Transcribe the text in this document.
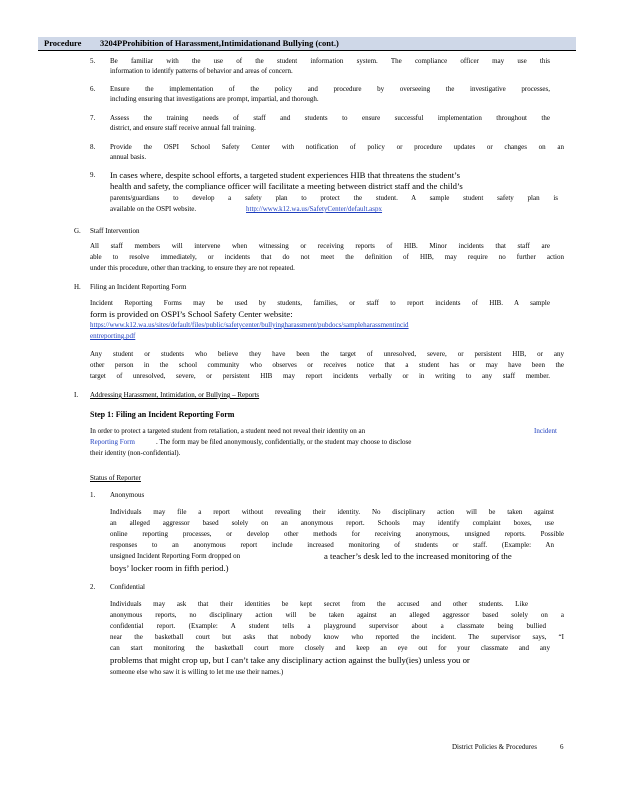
Procedure 3204PProhibition of Harassment,Intimidationand Bullying (cont.)
5. Be familiar with the use of the student information system. The compliance officer may use this
information to identify patterns of behavior and areas of concern.
6. Ensure the implementation of the policy and procedure by overseeing the investigative processes,
including ensuring that investigations are prompt, impartial, and thorough.
7. Assess the training needs of staff and students to ensure successful implementation throughout the
district, and ensure staff receive annual fall training.
8. Provide the OSPI School Safety Center with notification of policy or procedure updates or changes on an
annual basis.
9. In cases where, despite school efforts, a targeted student experiences HIB that threatens the student’s
health and safety, the compliance officer will facilitate a meeting between district staff and the child’s
parents/guardians to develop a safety plan to protect the student. A sample student safety plan is
available on the OSPI website.	http://www.k12.wa.us/SafetyCenter/default.aspx
G. Staff Intervention
All staff members will intervene when witnessing or receiving reports of HIB. Minor incidents that staff are
able to resolve immediately, or incidents that do not meet the definition of HIB, may require no further action
under this procedure, other than tracking, to ensure they are not repeated.
H. Filing an Incident Reporting Form
Incident Reporting Forms may be used by students, families, or staff to report incidents of HIB. A sample
form is provided on OSPI’s School Safety Center website:
https://www.k12.wa.us/sites/default/files/public/safetycenter/bullyingharassment/pubdocs/sampleharassmentincid
entreporting.pdf
Any student or students who believe they have been the target of unresolved, severe, or persistent HIB, or any
other person in the school community who observes or receives notice that a student has or may have been the
target of unresolved, severe, or persistent HIB may report incidents verbally or in writing to any staff member.
I. Addressing Harassment, Intimidation, or Bullying – Reports
Step 1: Filing an Incident Reporting Form
In order to protect a targeted student from retaliation, a student need not reveal their identity on an	Incident
Reporting Form	. The form may be filed anonymously, confidentially, or the student may choose to disclose
their identity (non-confidential).
Status of Reporter
1. Anonymous
Individuals may file a report without revealing their identity. No disciplinary action will be taken against
an alleged aggressor based solely on an anonymous report. Schools may identify complaint boxes, use
online reporting processes, or develop other methods for receiving anonymous, unsigned reports. Possible
responses to an anonymous report include increased monitoring of students or staff. (Example: An
unsigned Incident Reporting Form dropped on	a teacher’s desk led to the increased monitoring of the
boys’ locker room in fifth period.)
2. Confidential
Individuals may ask that their identities be kept secret from the accused and other students. Like
anonymous reports, no disciplinary action will be taken against an alleged aggressor based solely on a
confidential report. (Example: A student tells a playground supervisor about a classmate being bullied
near the basketball court but asks that nobody know who reported the incident. The supervisor says, “I
can start monitoring the basketball court more closely and keep an eye out for your classmate and any
problems that might crop up, but I can’t take any disciplinary action against the bully(ies) unless you or
someone else who saw it is willing to let me use their names.)
District Policies & Procedures	6
